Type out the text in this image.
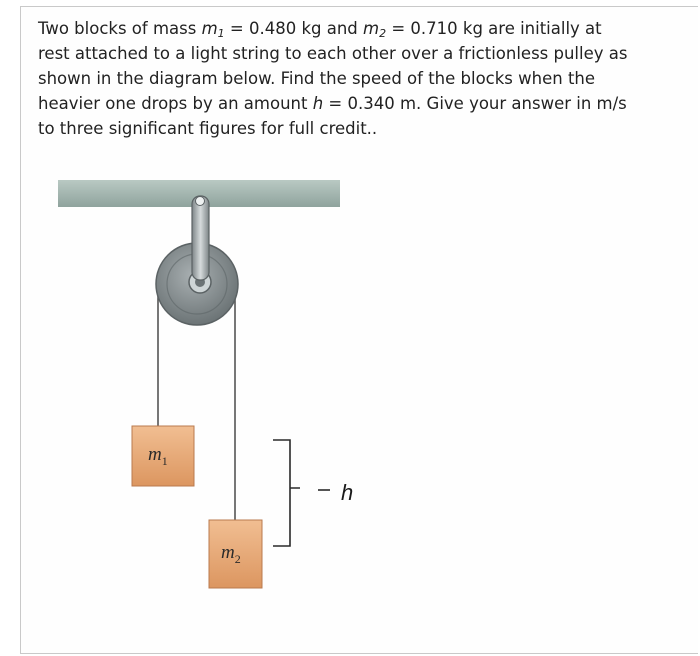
Two blocks of mass $m_1 = 0.480$ kg and $m_2 = 0.710$ kg are initially at rest attached to a light string to each other over a frictionless pulley as shown in the diagram below. Find the speed of the blocks when the heavier one drops by an amount h = 0.340 m. Give your answer in m/s to three significant figures for full credit..

$m_1$
$m_2$
h
